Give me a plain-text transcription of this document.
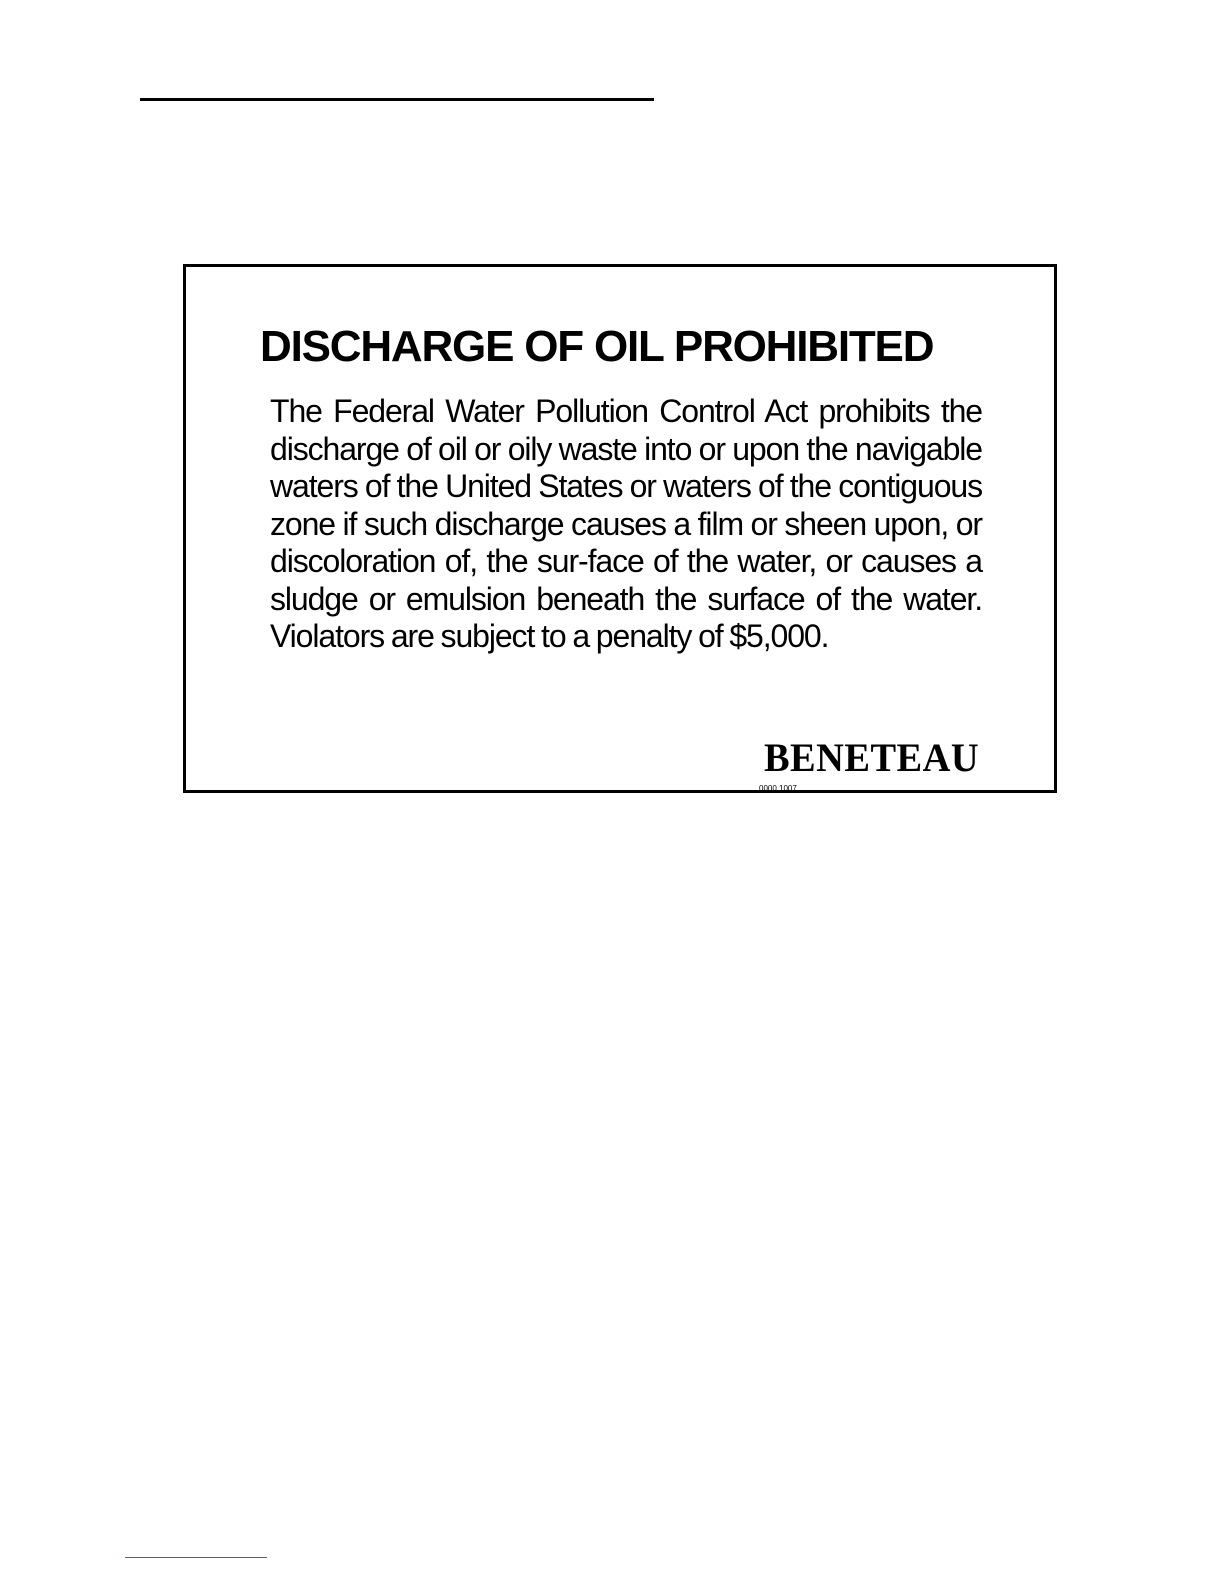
DISCHARGE OF OIL PROHIBITED

The Federal Water Pollution Control Act prohibits the discharge of oil or oily waste into or upon the navigable waters of the United States or waters of the contiguous zone if such discharge causes a film or sheen upon, or discoloration of, the sur-face of the water, or causes a sludge or emulsion beneath the surface of the water. Violators are subject to a penalty of $5,000.

BENETEAU
0000 1007
